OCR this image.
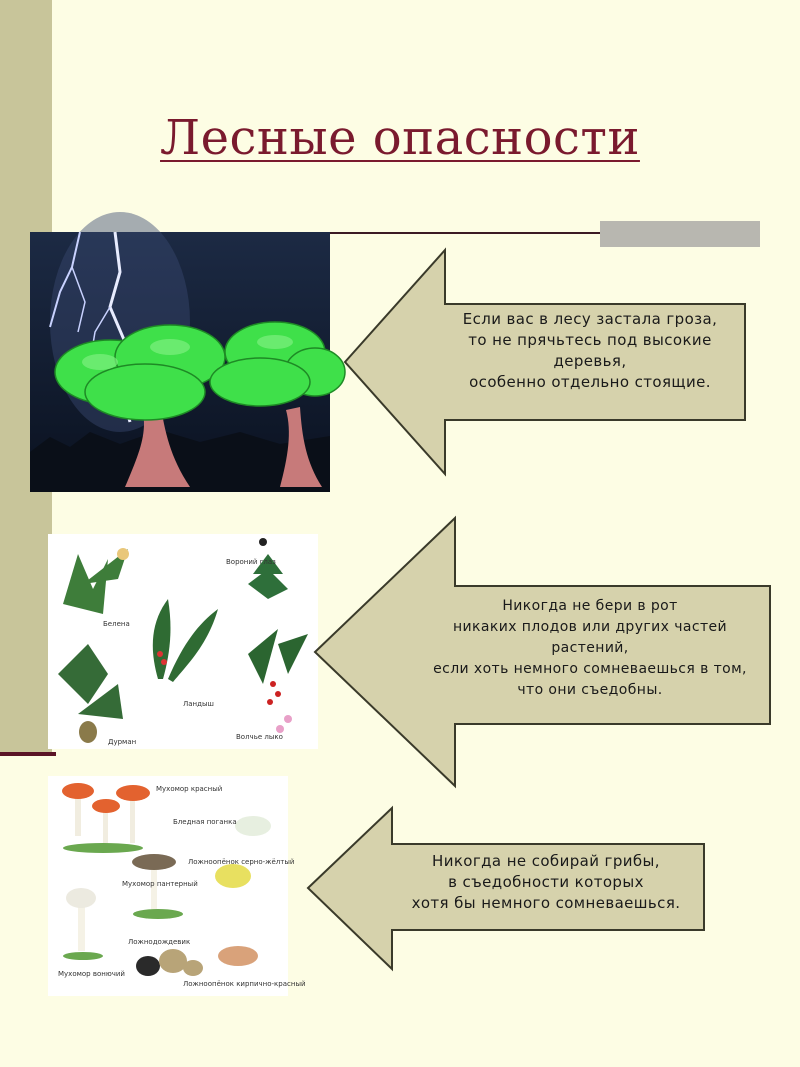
Лесные опасности
Вороний глаз
Белена
Ландыш
Дурман
Волчье лыко
Мухомор красный
Бледная поганка
Мухомор пантерный
Ложноопёнок серно-жёлтый
Ложнодождевик
Мухомор вонючий
Ложноопёнок кирпично-красный
Если вас в лесу застала гроза,
то не прячьтесь под высокие
деревья,
особенно отдельно стоящие.
Никогда не бери в рот
никаких плодов или других частей
растений,
если хоть немного сомневаешься в том,
что они съедобны.
Никогда не собирай грибы,
в съедобности которых
хотя бы немного сомневаешься.
